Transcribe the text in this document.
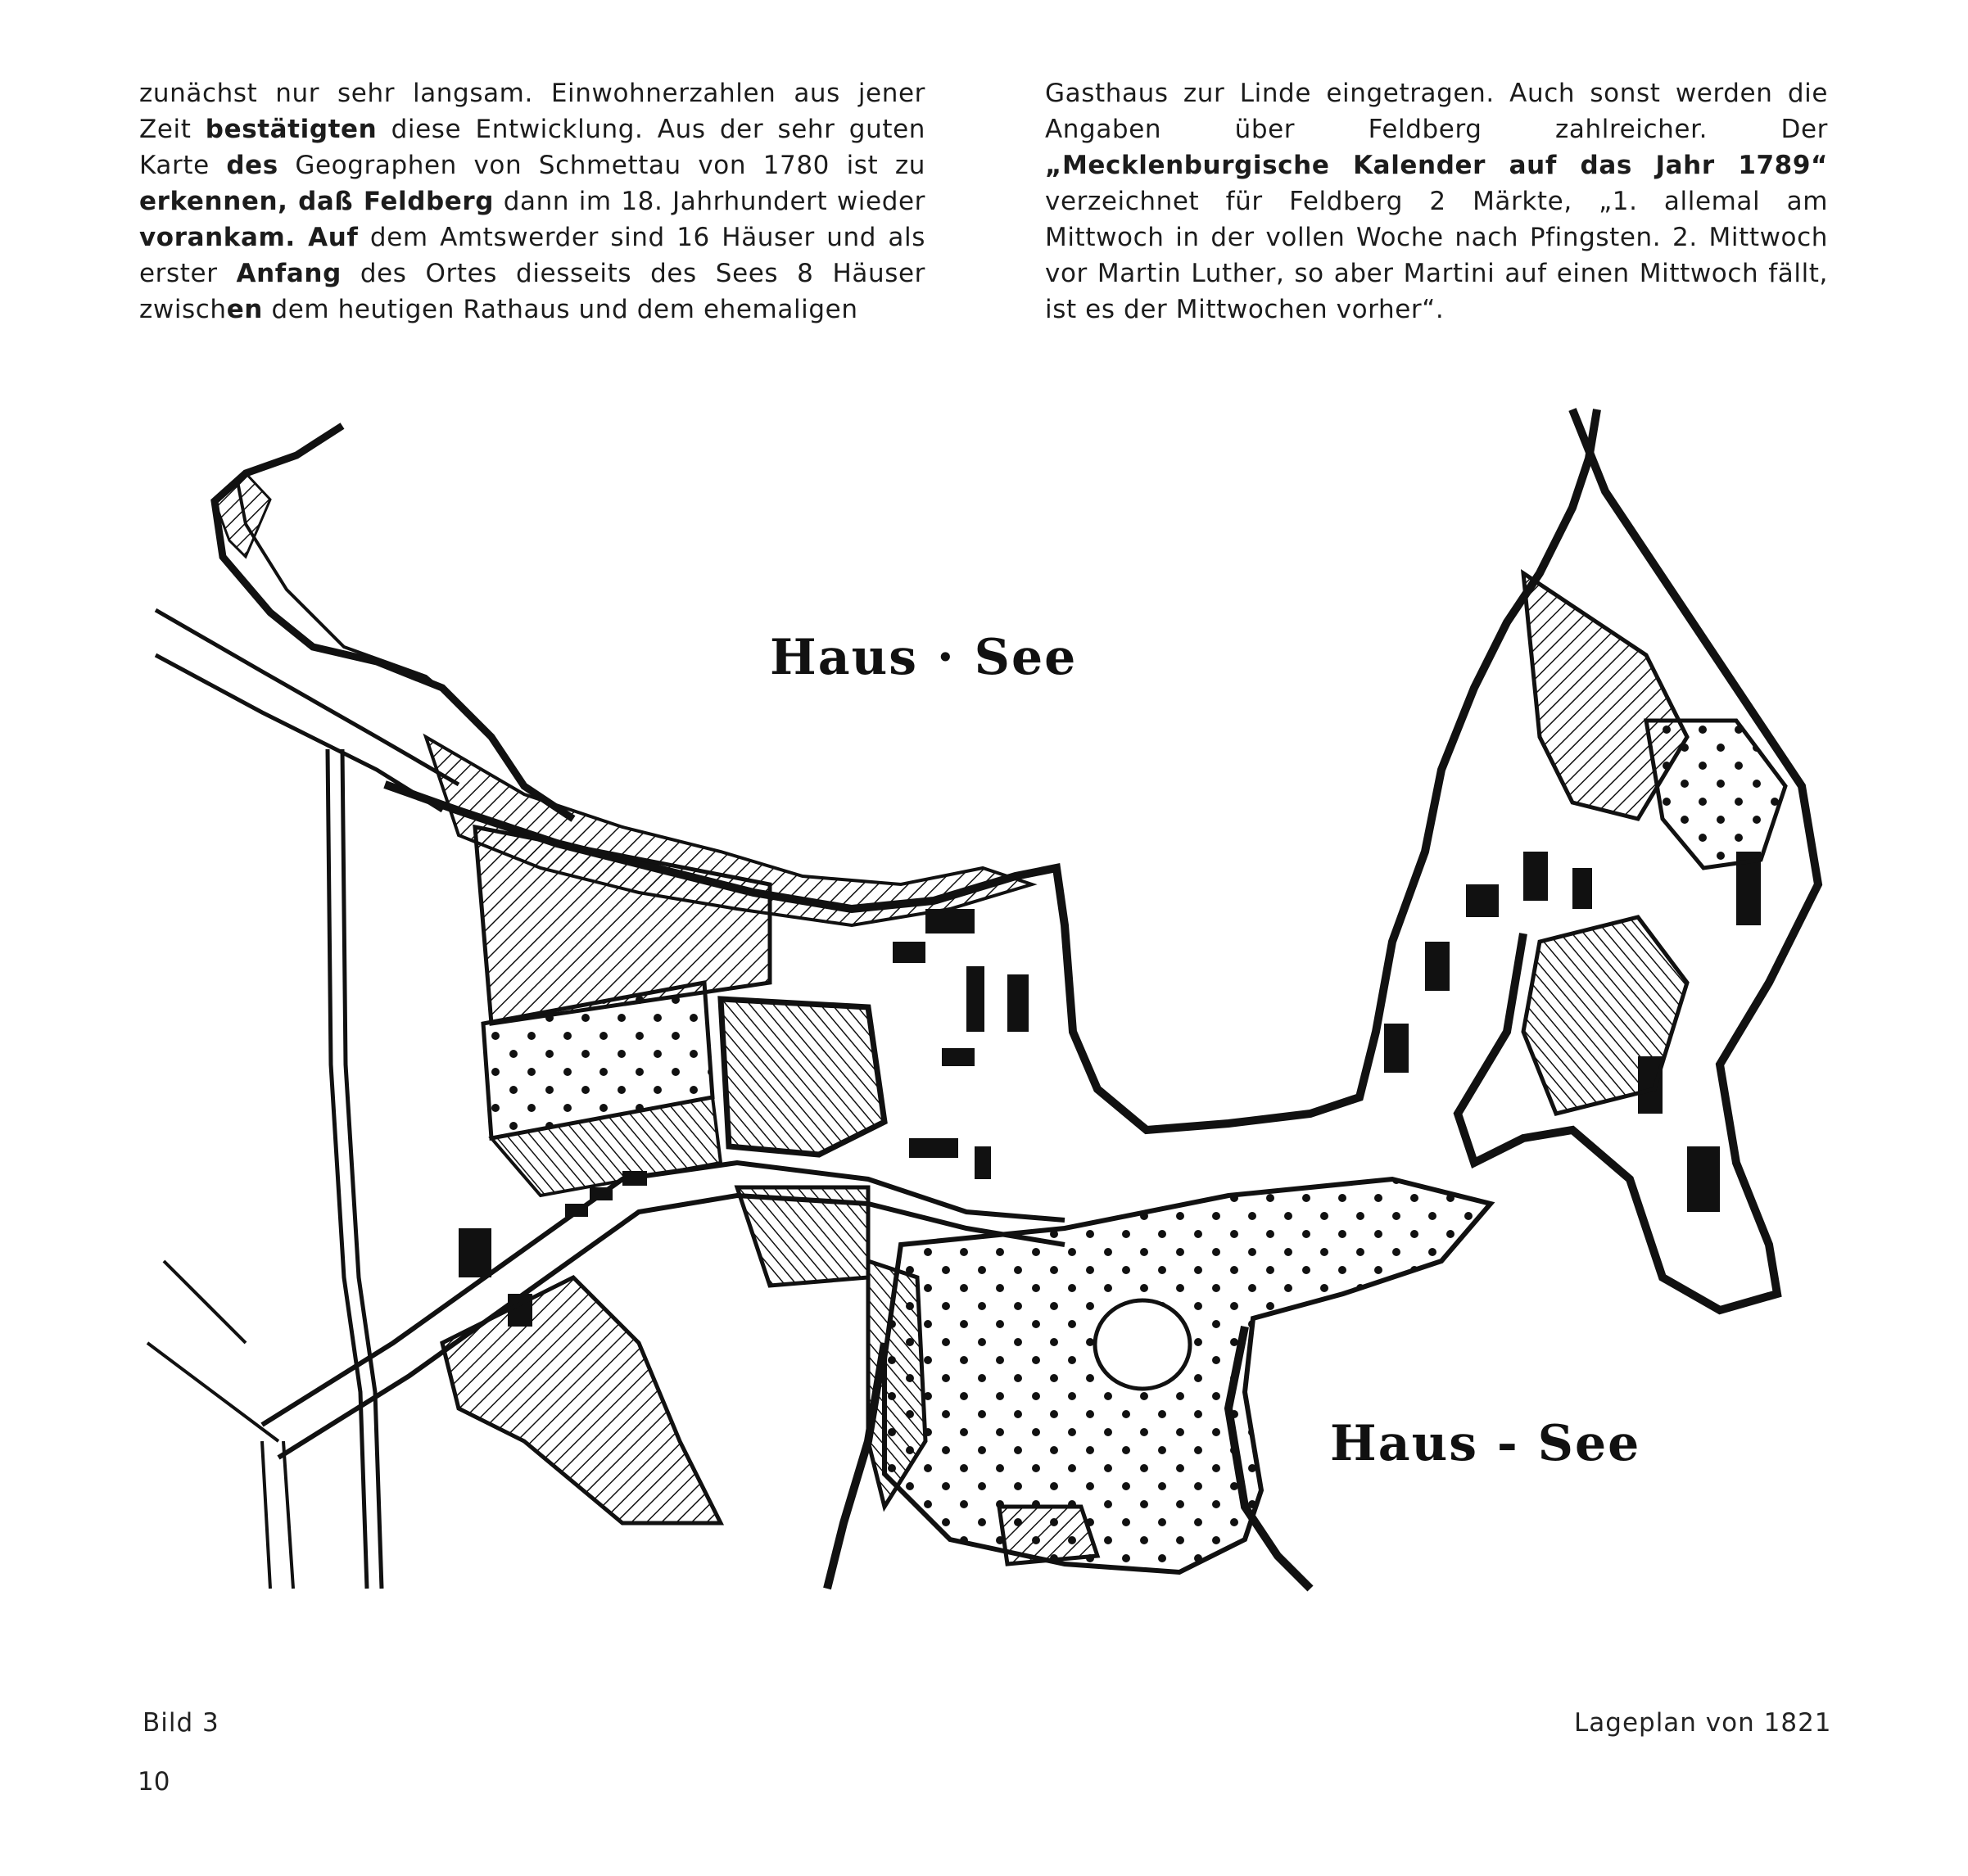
zunächst nur sehr langsam. Einwohnerzahlen aus jener Zeit bestätigten diese Entwicklung. Aus der sehr guten Karte des Geographen von Schmettau von 1780 ist zu erkennen, daß Feldberg dann im 18. Jahrhundert wieder vorankam. Auf dem Amtswerder sind 16 Häuser und als erster Anfang des Ortes diesseits des Sees 8 Häuser zwischen dem heutigen Rathaus und dem ehemaligen

Gasthaus zur Linde eingetragen. Auch sonst werden die Angaben über Feldberg zahlreicher. Der „Mecklenburgische Kalender auf das Jahr 1789“ verzeichnet für Feldberg 2 Märkte, „1. allemal am Mittwoch in der vollen Woche nach Pfingsten. 2. Mittwoch vor Martin Luther, so aber Martini auf einen Mittwoch fällt, ist es der Mittwochen vorher“.

Haus · See
Haus - See
Bild 3	Lageplan von 1821
10
